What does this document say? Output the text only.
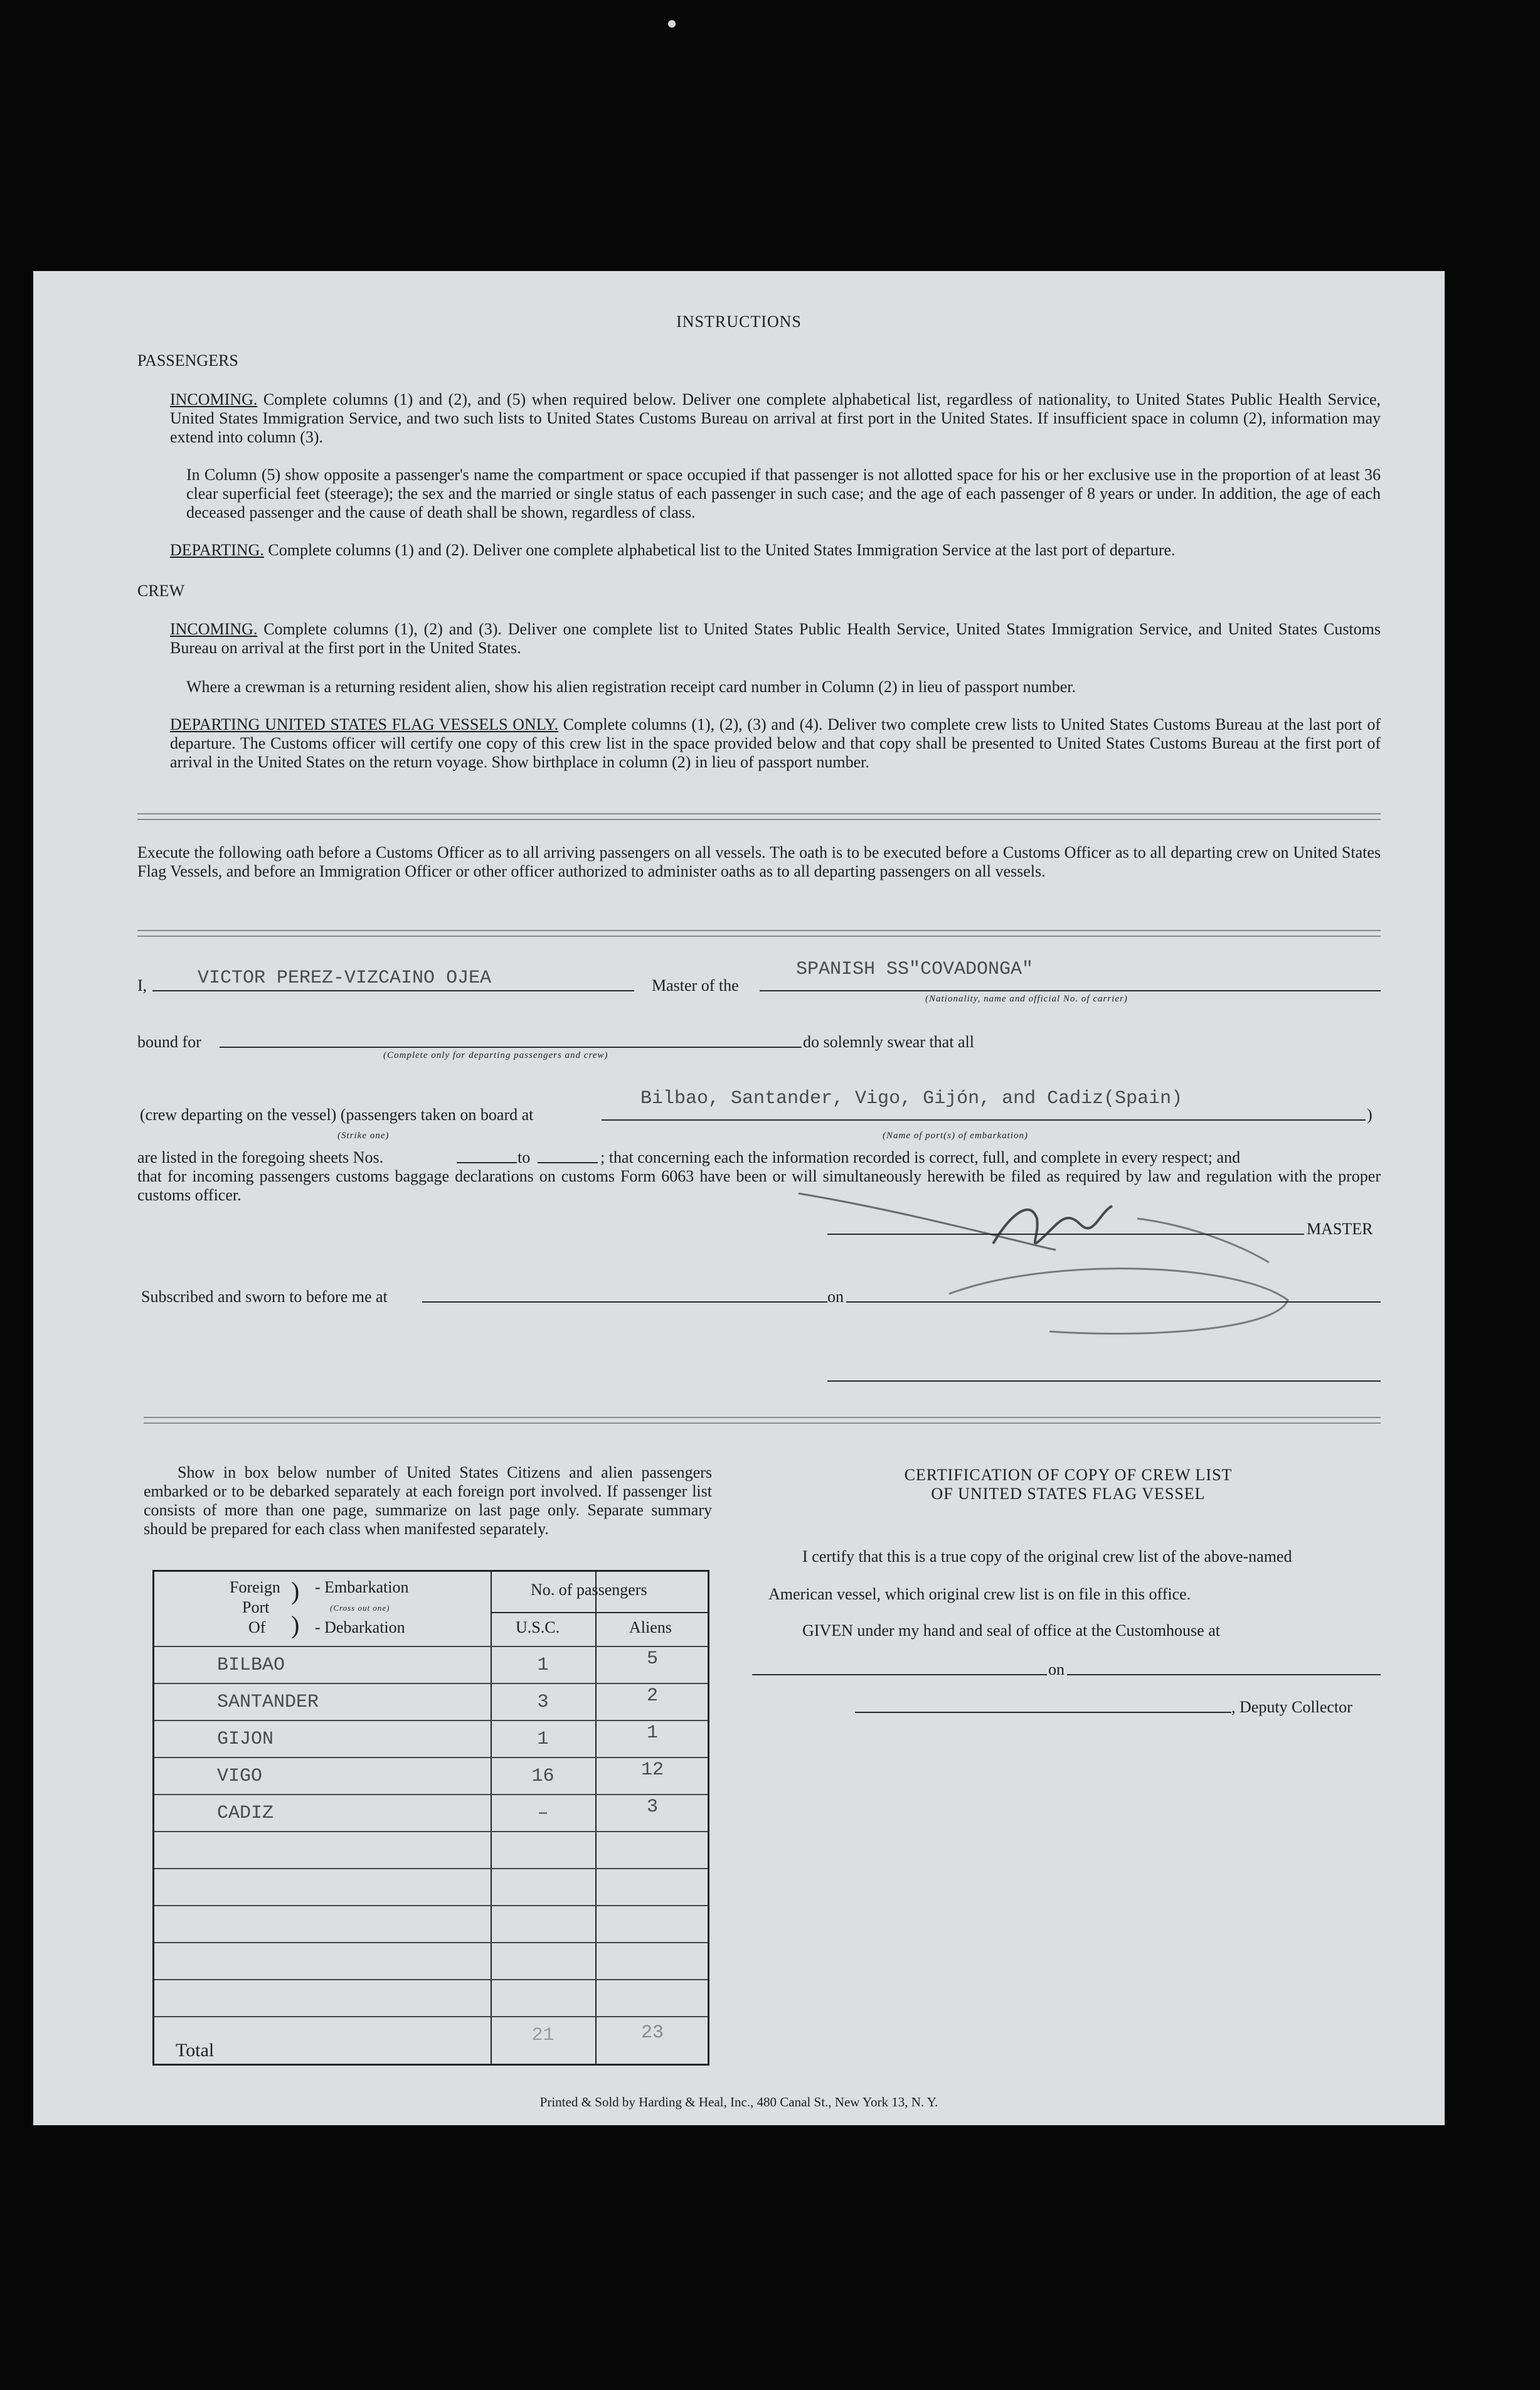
INSTRUCTIONS
PASSENGERS
INCOMING. Complete columns (1) and (2), and (5) when required below. Deliver one complete alphabetical list, regardless of nationality, to United States Public Health Service, United States Immigration Service, and two such lists to United States Customs Bureau on arrival at first port in the United States. If insufficient space in column (2), information may extend into column (3).
In Column (5) show opposite a passenger's name the compartment or space occupied if that passenger is not allotted space for his or her exclusive use in the proportion of at least 36 clear superficial feet (steerage); the sex and the married or single status of each passenger in such case; and the age of each passenger of 8 years or under. In addition, the age of each deceased passenger and the cause of death shall be shown, regardless of class.
DEPARTING. Complete columns (1) and (2). Deliver one complete alphabetical list to the United States Immigration Service at the last port of departure.
CREW
INCOMING. Complete columns (1), (2) and (3). Deliver one complete list to United States Public Health Service, United States Immigration Service, and United States Customs Bureau on arrival at the first port in the United States.
Where a crewman is a returning resident alien, show his alien registration receipt card number in Column (2) in lieu of passport number.
DEPARTING UNITED STATES FLAG VESSELS ONLY. Complete columns (1), (2), (3) and (4). Deliver two complete crew lists to United States Customs Bureau at the last port of departure. The Customs officer will certify one copy of this crew list in the space provided below and that copy shall be presented to United States Customs Bureau at the first port of arrival in the United States on the return voyage. Show birthplace in column (2) in lieu of passport number.
Execute the following oath before a Customs Officer as to all arriving passengers on all vessels. The oath is to be executed before a Customs Officer as to all departing crew on United States Flag Vessels, and before an Immigration Officer or other officer authorized to administer oaths as to all departing passengers on all vessels.
I,	VICTOR PEREZ-VIZCAINO OJEA	Master of the
SPANISH SS"COVADONGA"
(Nationality, name and official No. of carrier)
bound for
(Complete only for departing passengers and crew)
do solemnly swear that all
(crew departing on the vessel) (passengers taken on board at
(Strike one)
Bilbao, Santander, Vigo, Gijón, and Cadiz(Spain)
(Name of port(s) of embarkation)
)
are listed in the foregoing sheets Nos.	to	; that concerning each the information recorded is correct, full, and complete in every respect; and
that for incoming passengers customs baggage declarations on customs Form 6063 have been or will simultaneously herewith be filed as required by law and regulation with the proper customs officer.
MASTER
Subscribed and sworn to before me at	on
Show in box below number of United States Citizens and alien passengers embarked or to be debarked separately at each foreign port involved. If passenger list consists of more than one page, summarize on last page only. Separate summary should be prepared for each class when manifested separately.
Foreign
Port
Of
)
)
- Embarkation
(Cross out one)
- Debarkation
No. of passengers
U.S.C.	Aliens
BILBAO	1	5
SANTANDER	3	2
GIJON	1	1
VIGO	16	12
CADIZ	–	3
Total
21	23
CERTIFICATION OF COPY OF CREW LIST
OF UNITED STATES FLAG VESSEL
I certify that this is a true copy of the original crew list of the above-named
American vessel, which original crew list is on file in this office.
GIVEN under my hand and seal of office at the Customhouse at
on
, Deputy Collector
Printed & Sold by Harding & Heal, Inc., 480 Canal St., New York 13, N. Y.
